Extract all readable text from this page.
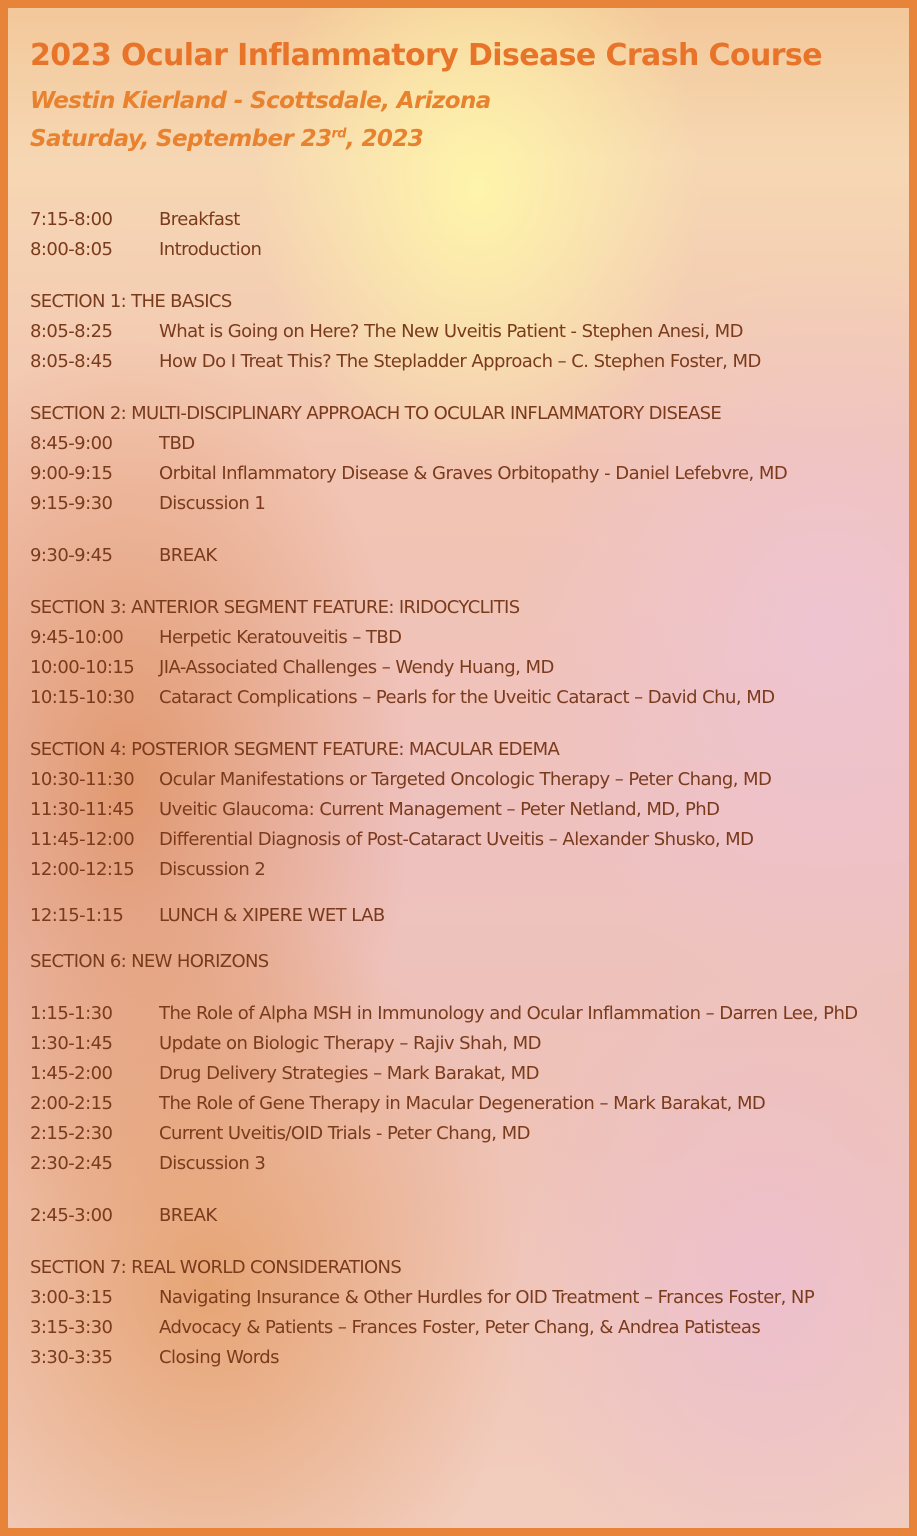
2023 Ocular Inflammatory Disease Crash Course
Westin Kierland - Scottsdale, Arizona
Saturday, September 23rd, 2023
7:15-8:00	Breakfast
8:00-8:05	Introduction
SECTION 1: THE BASICS
8:05-8:25	What is Going on Here? The New Uveitis Patient - Stephen Anesi, MD
8:05-8:45	How Do I Treat This? The Stepladder Approach – C. Stephen Foster, MD
SECTION 2: MULTI-DISCIPLINARY APPROACH TO OCULAR INFLAMMATORY DISEASE
8:45-9:00	TBD
9:00-9:15	Orbital Inflammatory Disease & Graves Orbitopathy - Daniel Lefebvre, MD
9:15-9:30	Discussion 1
9:30-9:45	BREAK
SECTION 3: ANTERIOR SEGMENT FEATURE: IRIDOCYCLITIS
9:45-10:00	Herpetic Keratouveitis – TBD
10:00-10:15	JIA-Associated Challenges – Wendy Huang, MD
10:15-10:30	Cataract Complications – Pearls for the Uveitic Cataract – David Chu, MD
SECTION 4: POSTERIOR SEGMENT FEATURE: MACULAR EDEMA
10:30-11:30	Ocular Manifestations or Targeted Oncologic Therapy – Peter Chang, MD
11:30-11:45	Uveitic Glaucoma: Current Management – Peter Netland, MD, PhD
11:45-12:00	Differential Diagnosis of Post-Cataract Uveitis – Alexander Shusko, MD
12:00-12:15	Discussion 2
12:15-1:15	LUNCH & XIPERE WET LAB
SECTION 6: NEW HORIZONS
1:15-1:30	The Role of Alpha MSH in Immunology and Ocular Inflammation – Darren Lee, PhD
1:30-1:45	Update on Biologic Therapy – Rajiv Shah, MD
1:45-2:00	Drug Delivery Strategies – Mark Barakat, MD
2:00-2:15	The Role of Gene Therapy in Macular Degeneration – Mark Barakat, MD
2:15-2:30	Current Uveitis/OID Trials - Peter Chang, MD
2:30-2:45	Discussion 3
2:45-3:00	BREAK
SECTION 7: REAL WORLD CONSIDERATIONS
3:00-3:15	Navigating Insurance & Other Hurdles for OID Treatment – Frances Foster, NP
3:15-3:30	Advocacy & Patients – Frances Foster, Peter Chang, & Andrea Patisteas
3:30-3:35	Closing Words
